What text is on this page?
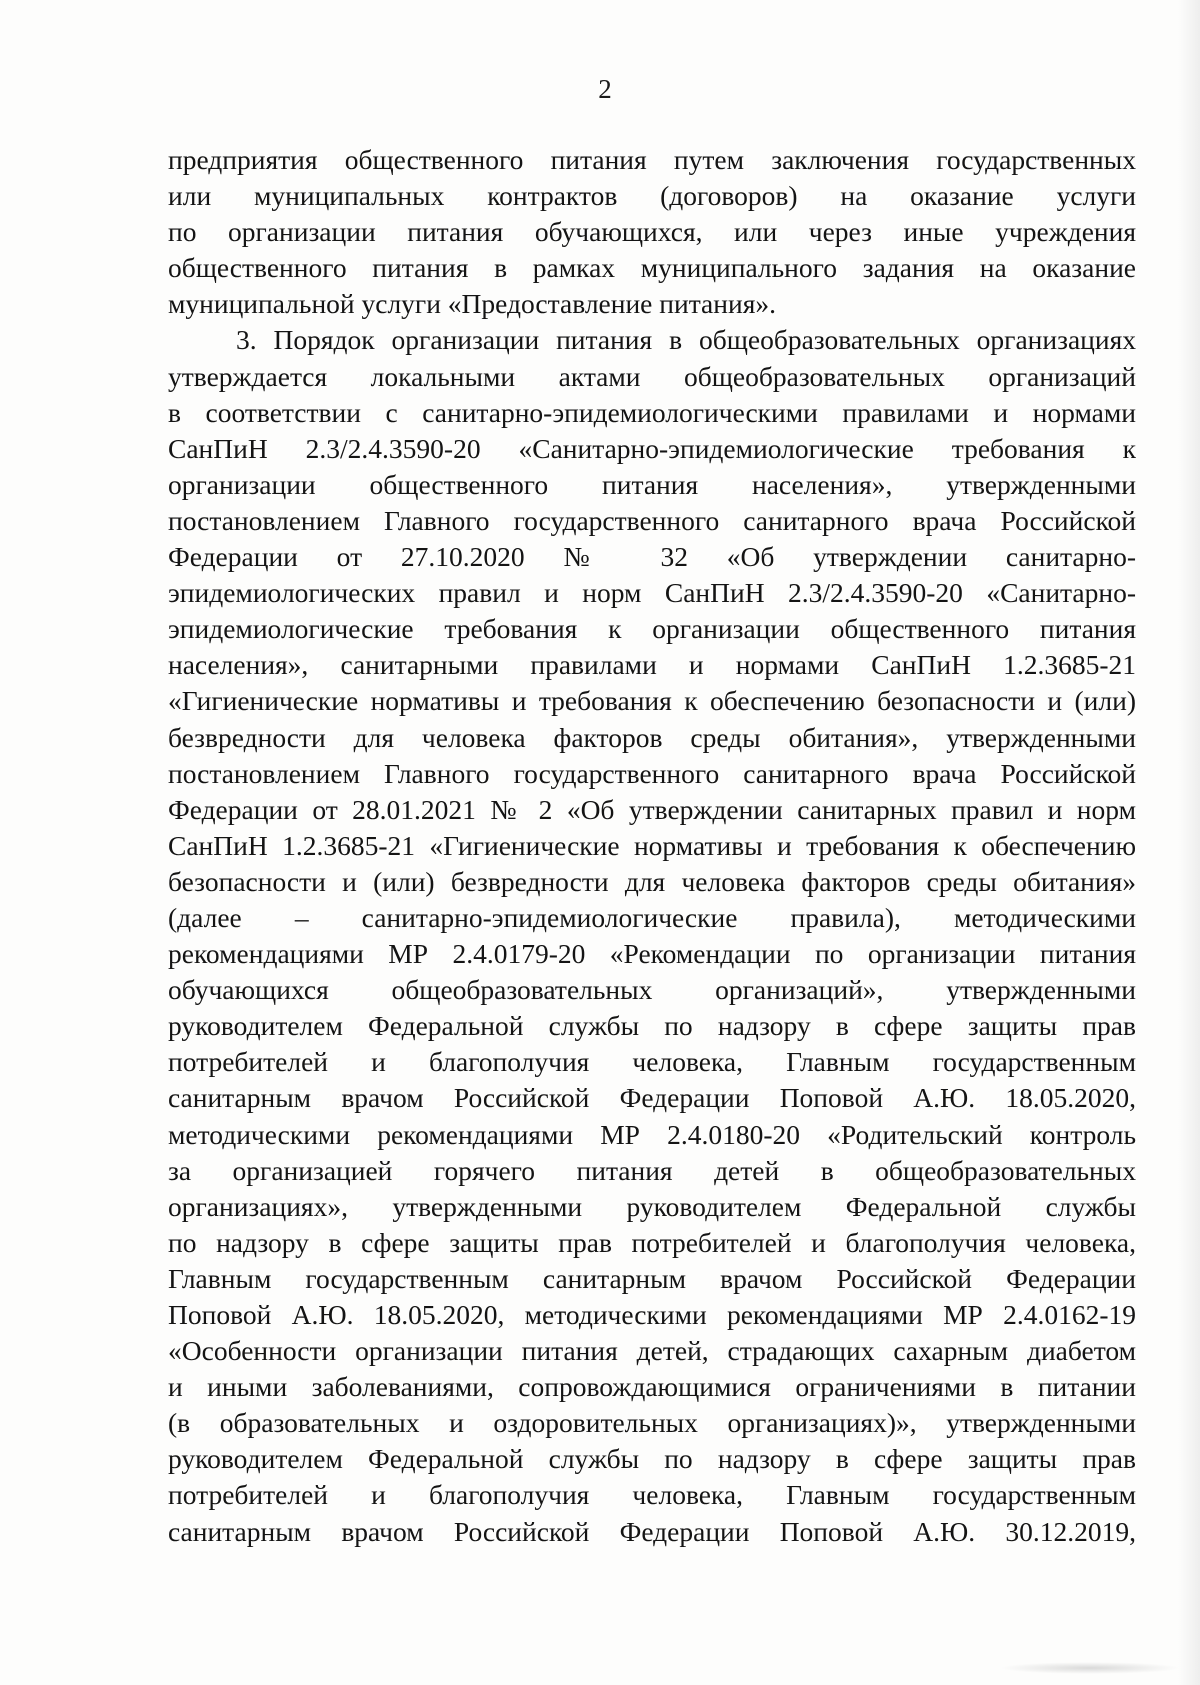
2
предприятия общественного питания путем заключения государственных
или муниципальных контрактов (договоров) на оказание услуги
по организации питания обучающихся, или через иные учреждения
общественного питания в рамках муниципального задания на оказание
муниципальной услуги «Предоставление питания».
3. Порядок организации питания в общеобразовательных организациях
утверждается локальными актами общеобразовательных организаций
в соответствии с санитарно-эпидемиологическими правилами и нормами
СанПиН 2.3/2.4.3590-20 «Санитарно-эпидемиологические требования к
организации общественного питания населения», утвержденными
постановлением Главного государственного санитарного врача Российской
Федерации от 27.10.2020 № 32 «Об утверждении санитарно-
эпидемиологических правил и норм СанПиН 2.3/2.4.3590-20 «Санитарно-
эпидемиологические требования к организации общественного питания
населения», санитарными правилами и нормами СанПиН 1.2.3685-21
«Гигиенические нормативы и требования к обеспечению безопасности и (или)
безвредности для человека факторов среды обитания», утвержденными
постановлением Главного государственного санитарного врача Российской
Федерации от 28.01.2021 № 2 «Об утверждении санитарных правил и норм
СанПиН 1.2.3685-21 «Гигиенические нормативы и требования к обеспечению
безопасности и (или) безвредности для человека факторов среды обитания»
(далее – санитарно-эпидемиологические правила), методическими
рекомендациями МР 2.4.0179-20 «Рекомендации по организации питания
обучающихся общеобразовательных организаций», утвержденными
руководителем Федеральной службы по надзору в сфере защиты прав
потребителей и благополучия человека, Главным государственным
санитарным врачом Российской Федерации Поповой А.Ю. 18.05.2020,
методическими рекомендациями МР 2.4.0180-20 «Родительский контроль
за организацией горячего питания детей в общеобразовательных
организациях», утвержденными руководителем Федеральной службы
по надзору в сфере защиты прав потребителей и благополучия человека,
Главным государственным санитарным врачом Российской Федерации
Поповой А.Ю. 18.05.2020, методическими рекомендациями МР 2.4.0162-19
«Особенности организации питания детей, страдающих сахарным диабетом
и иными заболеваниями, сопровождающимися ограничениями в питании
(в образовательных и оздоровительных организациях)», утвержденными
руководителем Федеральной службы по надзору в сфере защиты прав
потребителей и благополучия человека, Главным государственным
санитарным врачом Российской Федерации Поповой А.Ю. 30.12.2019,
